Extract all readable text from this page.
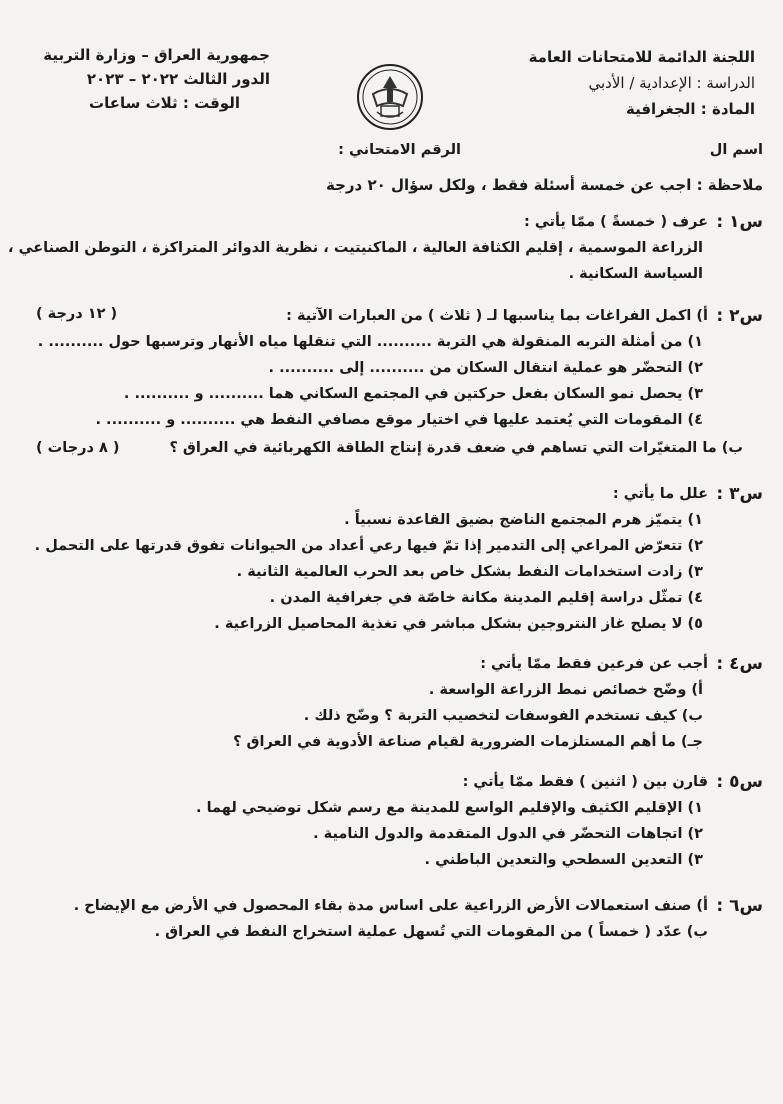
اللجنة الدائمة للامتحانات العامة
الدراسة : الإعدادية / الأدبي
المادة : الجغرافية
جمهورية العراق – وزارة التربية
الدور الثالث ٢٠٢٢ – ٢٠٢٣
الوقت : ثلاث ساعات
اسم ال
الرقم الامتحاني :
ملاحظة : اجب عن خمسة أسئلة فقط ، ولكل سؤال ٢٠ درجة
س١ :
عرف ( خمسةً ) ممّا يأتي :
الزراعة الموسمية ، إقليم الكثافة العالية ، الماكنيتيت ، نظرية الدوائر المتراكزة ، التوطن الصناعي ،
السياسة السكانية .
س٢ :
أ) اكمل الفراغات بما يناسبها لـ ( ثلاث ) من العبارات الآتية :
( ١٢ درجة )
١) من أمثلة التربه المنقولة هي التربة .......... التي تنقلها مياه الأنهار وترسبها حول .......... .
٢) التحضّر هو عملية انتقال السكان من .......... إلى .......... .
٣) يحصل نمو السكان بفعل حركتين في المجتمع السكاني هما .......... و .......... .
٤) المقومات التي يُعتمد عليها في اختيار موقع مصافي النفط هي .......... و .......... .
ب) ما المتغيّرات التي تساهم في ضعف قدرة إنتاج الطاقة الكهربائية في العراق ؟
( ٨ درجات )
س٣ :
علل ما يأتي :
١) يتميّز هرم المجتمع الناضج بضيق القاعدة نسبياً .
٢) تتعرّض المراعي إلى التدمير إذا تمّ فيها رعي أعداد من الحيوانات تفوق قدرتها على التحمل .
٣) زادت استخدامات النفط بشكل خاص بعد الحرب العالمية الثانية .
٤) تمثّل دراسة إقليم المدينة مكانة خاصّة في جغرافية المدن .
٥) لا يصلح غاز النتروجين بشكل مباشر في تغذية المحاصيل الزراعية .
س٤ :
أجب عن فرعين فقط ممّا يأتي :
أ) وضّح خصائص نمط الزراعة الواسعة .
ب) كيف تستخدم الفوسفات لتخصيب التربة ؟ وضّح ذلك .
جـ) ما أهم المستلزمات الضرورية لقيام صناعة الأدوية في العراق ؟
س٥ :
قارن بين ( اثنين ) فقط ممّا يأتي :
١) الإقليم الكثيف والإقليم الواسع للمدينة مع رسم شكل توضيحي لهما .
٢) اتجاهات التحضّر في الدول المتقدمة والدول النامية .
٣) التعدين السطحي والتعدين الباطني .
س٦ :
أ) صنف استعمالات الأرض الزراعية على اساس مدة بقاء المحصول في الأرض مع الإيضاح .
ب) عدّد ( خمساً ) من المقومات التي تُسهل عملية استخراج النفط في العراق .
